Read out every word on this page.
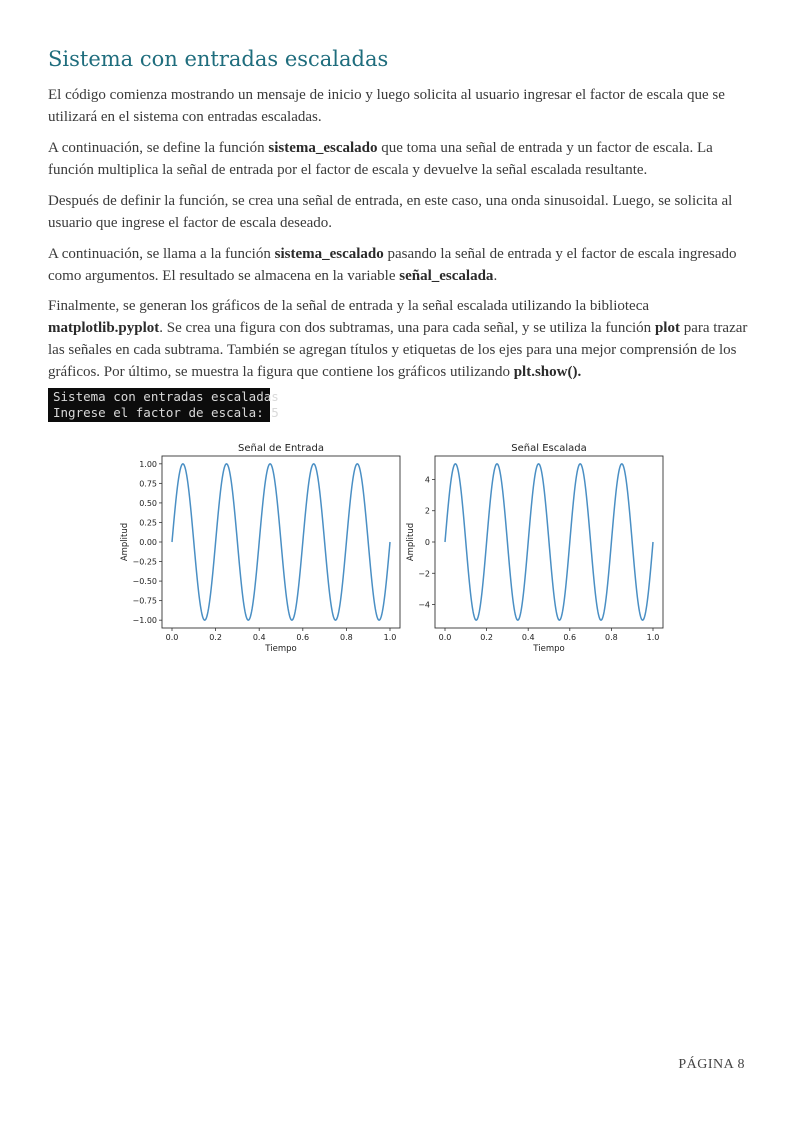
Sistema con entradas escaladas

El código comienza mostrando un mensaje de inicio y luego solicita al usuario ingresar el factor de escala que se utilizará en el sistema con entradas escaladas.

A continuación, se define la función sistema_escalado que toma una señal de entrada y un factor de escala. La función multiplica la señal de entrada por el factor de escala y devuelve la señal escalada resultante.

Después de definir la función, se crea una señal de entrada, en este caso, una onda sinusoidal. Luego, se solicita al usuario que ingrese el factor de escala deseado.

A continuación, se llama a la función sistema_escalado pasando la señal de entrada y el factor de escala ingresado como argumentos. El resultado se almacena en la variable señal_escalada.

Finalmente, se generan los gráficos de la señal de entrada y la señal escalada utilizando la biblioteca matplotlib.pyplot. Se crea una figura con dos subtramas, una para cada señal, y se utiliza la función plot para trazar las señales en cada subtrama. También se agregan títulos y etiquetas de los ejes para una mejor comprensión de los gráficos. Por último, se muestra la figura que contiene los gráficos utilizando plt.show().

Sistema con entradas escaladas
Ingrese el factor de escala: 5
Señal de Entrada
0.0	0.2	0.4	0.6	0.8	1.0
1.00
0.75
0.50
0.25
0.00
−0.25
−0.50
−0.75
−1.00
Tiempo
Amplitud
Señal Escalada
0.0	0.2	0.4	0.6	0.8	1.0
4
2
0
−2
−4
Tiempo
Amplitud
PÁGINA 8
